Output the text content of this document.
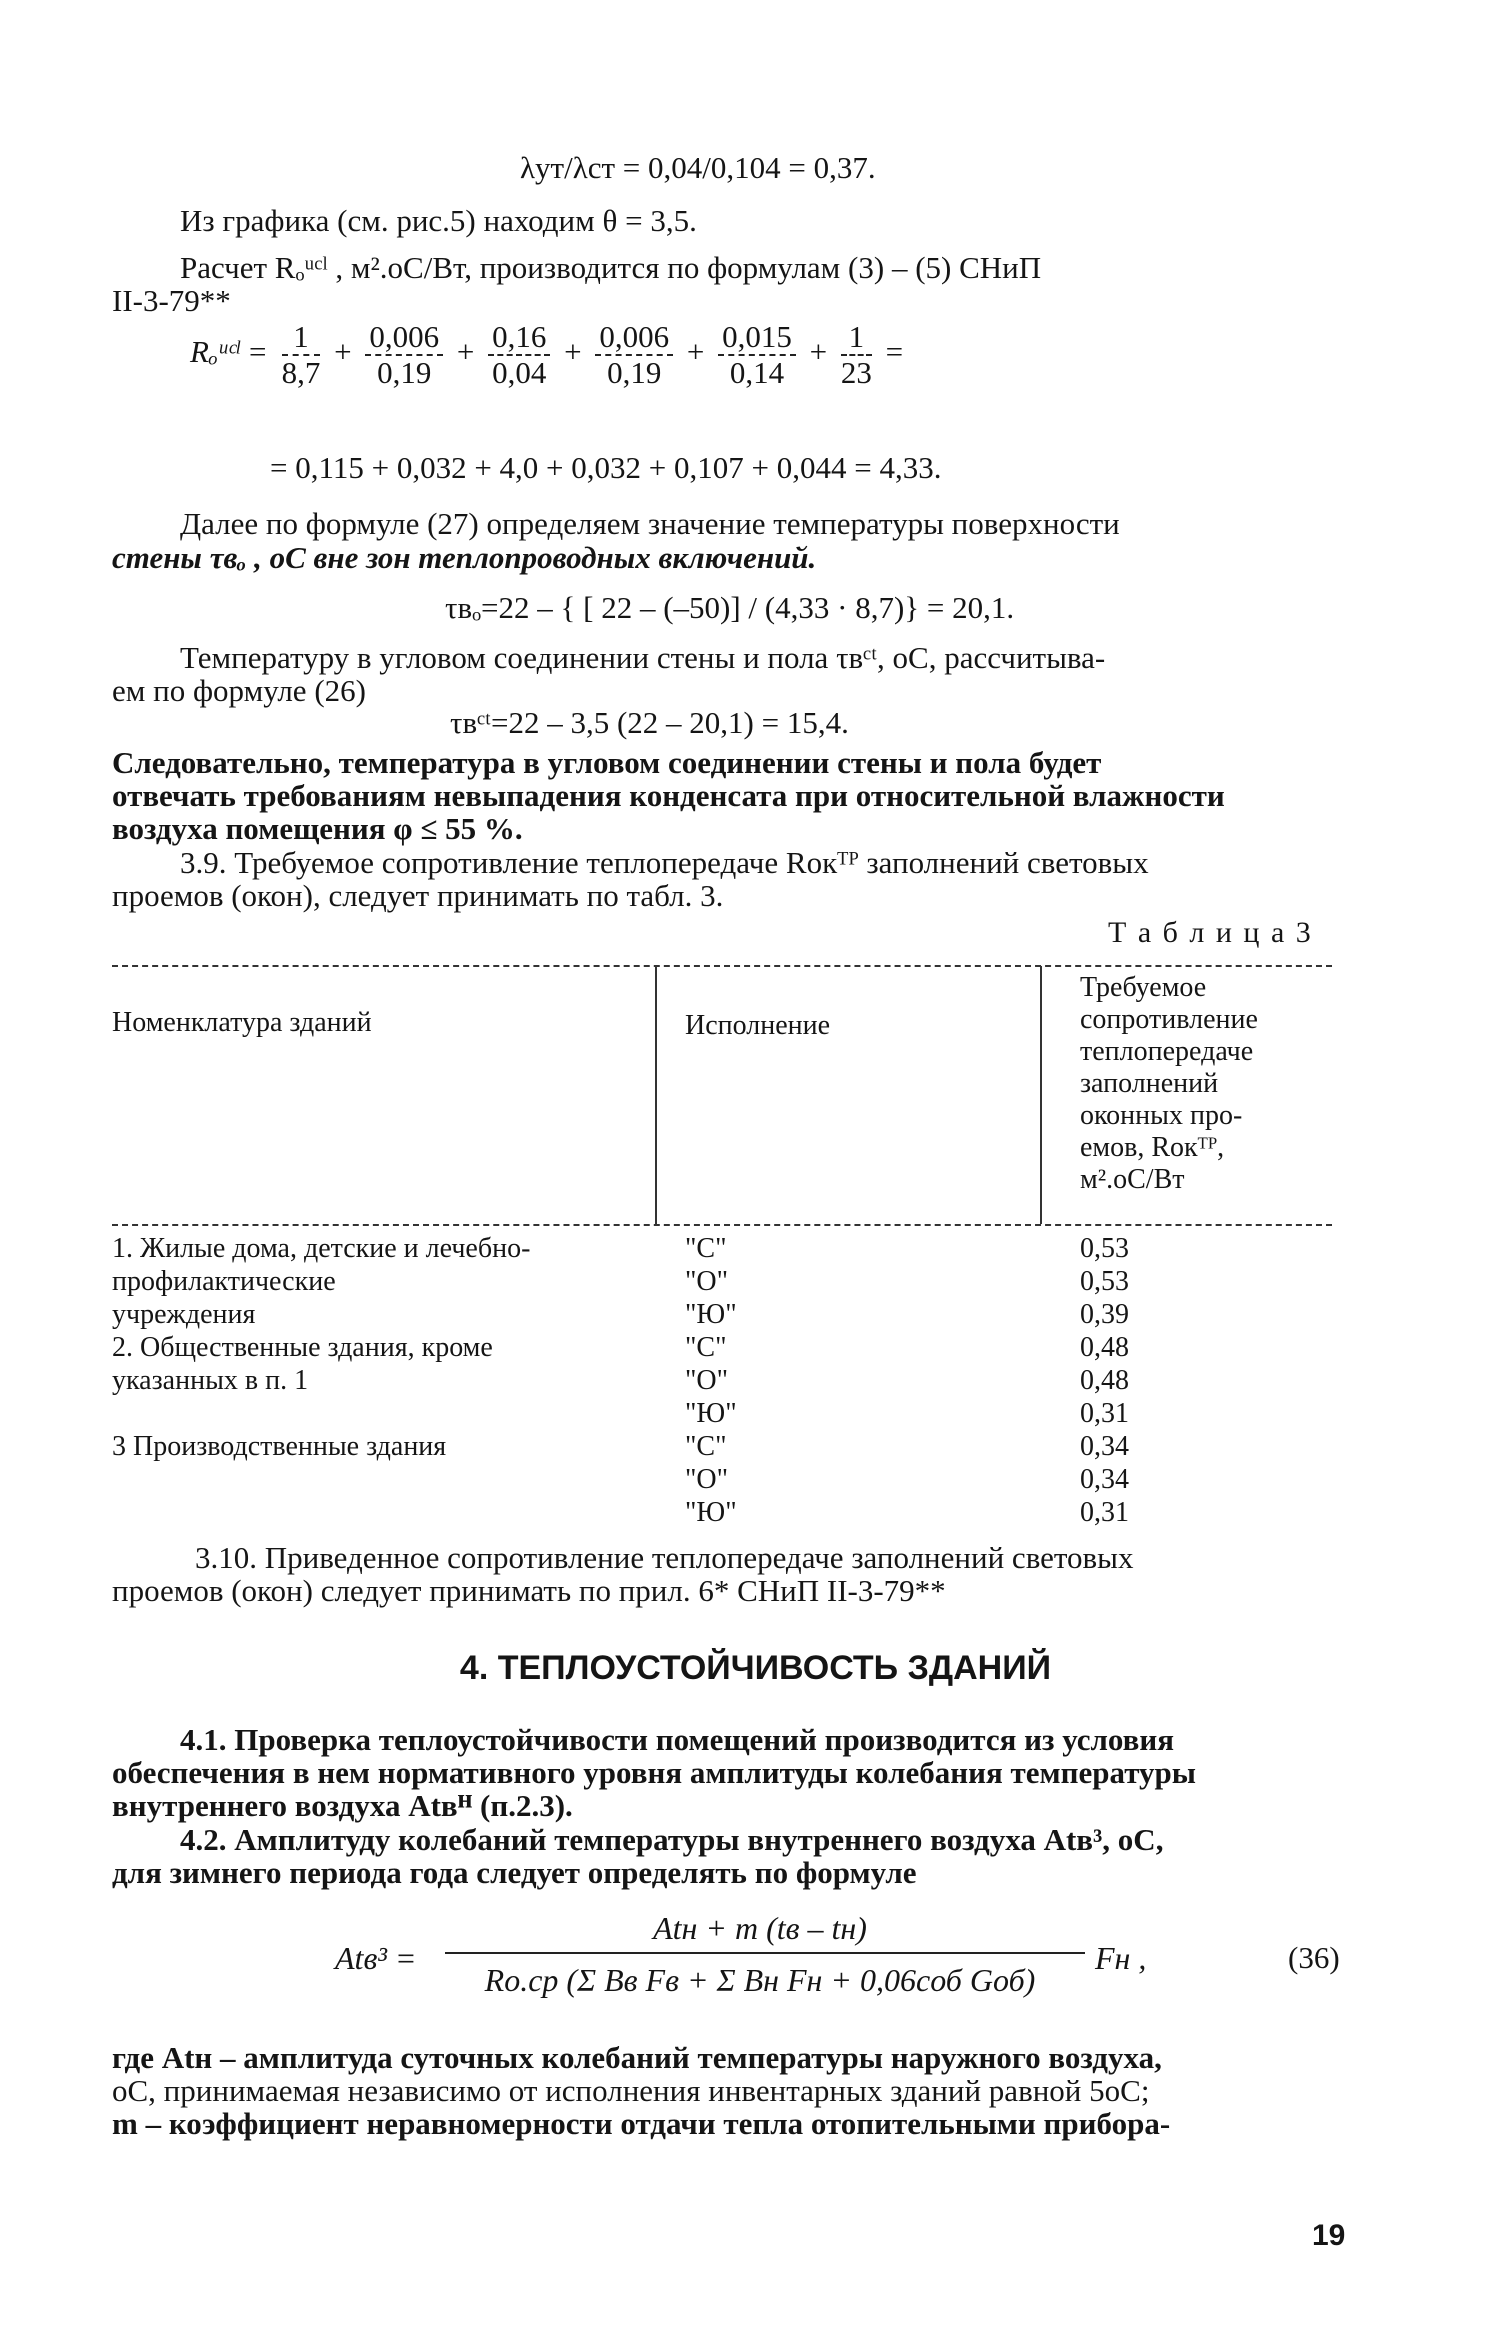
λут/λст = 0,04/0,104 = 0,37.
Из графика (см. рис.5) находим θ = 3,5.
Расчет Rₒᵘᶜˡ , м².оС/Вт, производится по формулам (3) – (5) СНиП
II-3-79**
Rₒᵘᶜˡ = $\frac{1}{8,7} + \frac{0,006}{0,19} + \frac{0,16}{0,04} + \frac{0,006}{0,19} + \frac{0,015}{0,14} + \frac{1}{23}$ =
= 0,115 + 0,032 + 4,0 + 0,032 + 0,107 + 0,044 = 4,33.
Далее по формуле (27) определяем значение температуры поверхности
стены τвₒ , оС вне зон теплопроводных включений.
τвₒ=22 – { [ 22 – (–50)] / (4,33 · 8,7)} = 20,1.
Температуру в угловом соединении стены и пола τвᶜᵗ, оС, рассчитыва-
ем по формуле (26)
τвᶜᵗ=22 – 3,5 (22 – 20,1) = 15,4.
Следовательно, температура в угловом соединении стены и пола будет
отвечать требованиям невыпадения конденсата при относительной влажности
воздуха помещения φ ≤ 55 %.
3.9. Требуемое сопротивление теплопередаче Rокᵀᴾ заполнений световых
проемов (окон), следует принимать по табл. 3.
Т а б л и ц а 3
Номенклатура зданий	Исполнение
Требуемое
сопротивление
теплопередаче
заполнений
оконных про-
емов, Rокᵀᴾ,
м².оС/Вт
1. Жилые дома, детские и лечебно-
профилактические
учреждения
2. Общественные здания, кроме
указанных в п. 1

3 Производственные здания
"С"
"О"
"Ю"
"С"
"О"
"Ю"
"С"
"О"
"Ю"
0,53
0,53
0,39
0,48
0,48
0,31
0,34
0,34
0,31
3.10. Приведенное сопротивление теплопередаче заполнений световых
проемов (окон) следует принимать по прил. 6* СНиП II-3-79**
4. ТЕПЛОУСТОЙЧИВОСТЬ ЗДАНИЙ
4.1. Проверка теплоустойчивости помещений производится из условия
обеспечения в нем нормативного уровня амплитуды колебания температуры
внутреннего воздуха Atвᴴ (п.2.3).
4.2. Амплитуду колебаний температуры внутреннего воздуха Atв³, оС,
для зимнего периода года следует определять по формуле
Atв³ =
Atн + m (tв – tн)
Rо.ср (Σ Bв Fв + Σ Bн Fн + 0,06cоб Gоб)
Fн ,	(36)
где Atн – амплитуда суточных колебаний температуры наружного воздуха,
оС, принимаемая независимо от исполнения инвентарных зданий равной 5оС;
m – коэффициент неравномерности отдачи тепла отопительными прибора-
19
